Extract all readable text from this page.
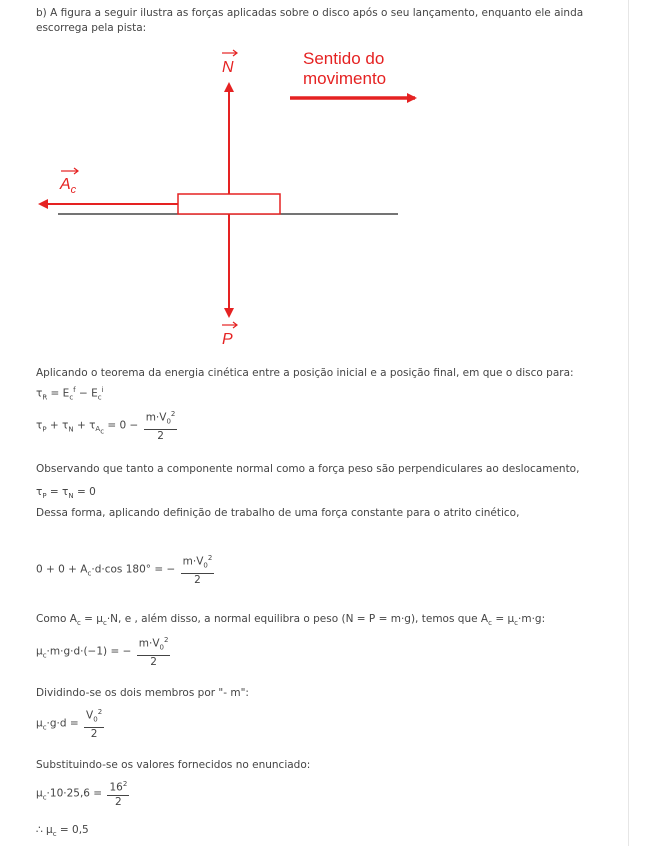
b) A figura a seguir ilustra as forças aplicadas sobre o disco após o seu lançamento, enquanto ele ainda escorrega pela pista:
Sentido do
movimento
N
P
$A_c$
Aplicando o teorema da energia cinética entre a posição inicial e a posição final, em que o disco para:
$\tau_R = E_c^f - E_c^i$
$\tau_P + \tau_N + \tau_{A_c} = 0 - \frac{m\cdot V_0^2}{2}$
Observando que tanto a componente normal como a força peso são perpendiculares ao deslocamento,
$\tau_P = \tau_N = 0$
Dessa forma, aplicando definição de trabalho de uma força constante para o atrito cinético,
$0 + 0 + A_c\cdot d\cdot\cos$ 180° = − $\frac{m\cdot V_0^2}{2}$
Como $A_c = \mu_c\cdot N$, e , além disso, a normal equilibra o peso (N = P = m·g), temos que $A_c = \mu_c\cdot m\cdot g$:
$\mu_c\cdot m\cdot g\cdot d\cdot(-1)$ = − $\frac{m\cdot V_0^2}{2}$
Dividindo-se os dois membros por "- m":
$\mu_c\cdot g\cdot d = \frac{V_0^2}{2}$
Substituindo-se os valores fornecidos no enunciado:
$\mu_c\cdot 10\cdot 25,6 = \frac{16^2}{2}$
∴ $\mu_c = 0,5$
